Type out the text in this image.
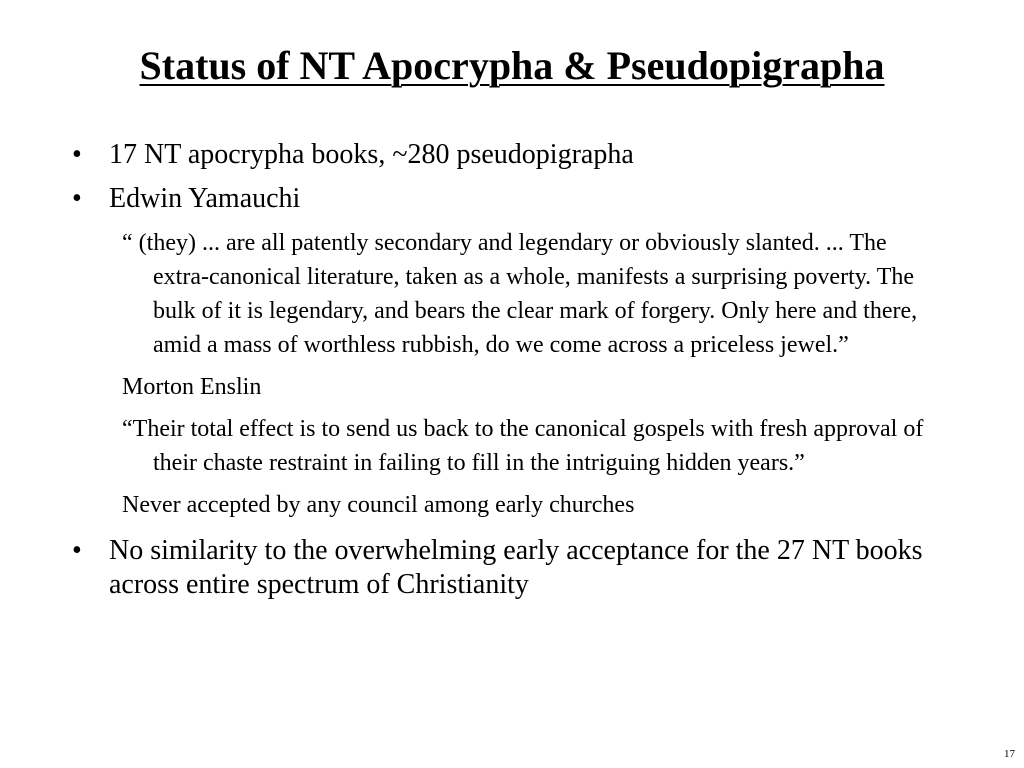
Status of NT Apocrypha & Pseudopigrapha
• 17 NT apocrypha books, ~280 pseudopigrapha
• Edwin Yamauchi
“ (they) ... are all patently secondary and legendary or obviously slanted. ... The extra-canonical literature, taken as a whole, manifests a surprising poverty. The bulk of it is legendary, and bears the clear mark of forgery. Only here and there, amid a mass of worthless rubbish, do we come across a priceless jewel.”
Morton Enslin
“Their total effect is to send us back to the canonical gospels with fresh approval of their chaste restraint in failing to fill in the intriguing hidden years.”
Never accepted by any council among early churches
• No similarity to the overwhelming early acceptance for the 27 NT books across entire spectrum of Christianity
17
